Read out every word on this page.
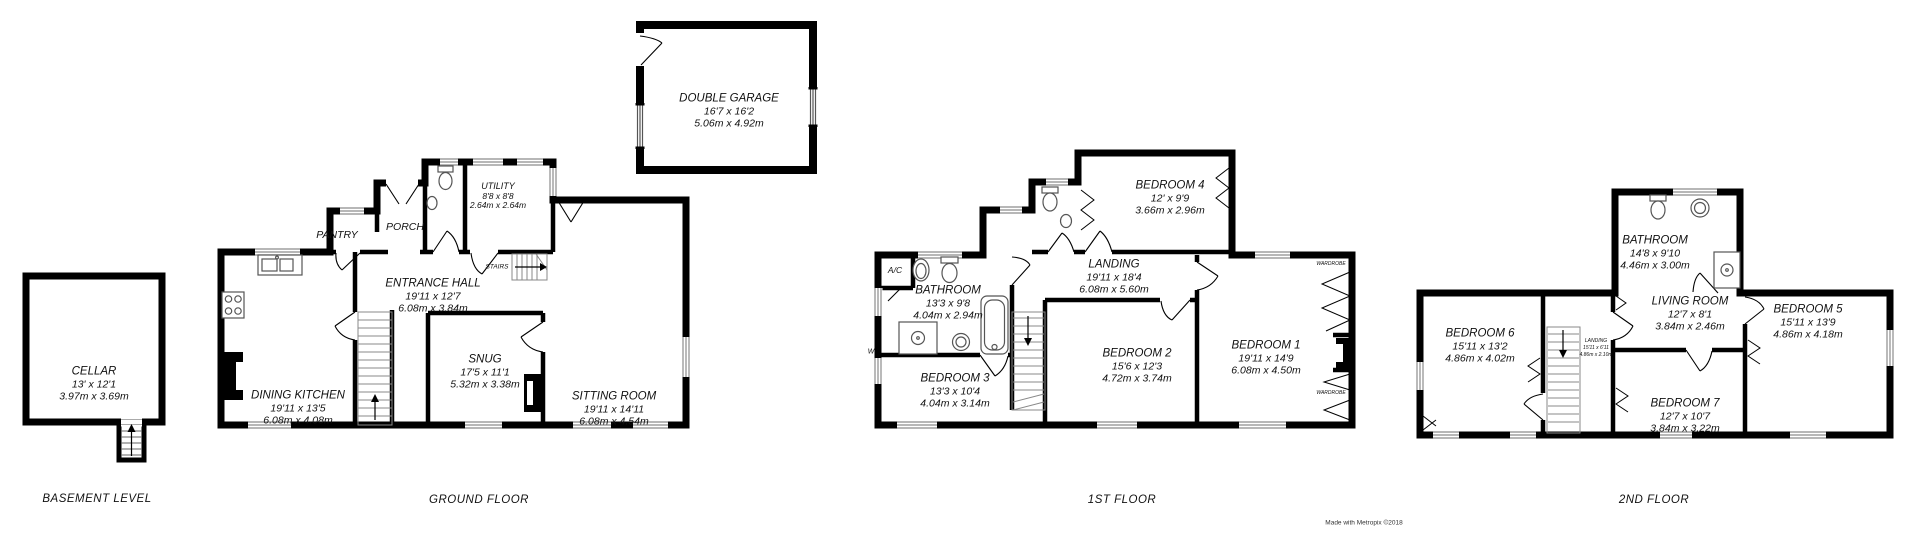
CELLAR
13' x 12'1
3.97m x 3.69m
PANTRY
PORCH
UTILITY
8'8 x 8'8
2.64m x 2.64m
ENTRANCE HALL
19'11 x 12'7
6.08m x 3.84m
STAIRS
DINING KITCHEN
19'11 x 13'5
6.08m x 4.08m
SNUG
17'5 x 11'1
5.32m x 3.38m
SITTING ROOM
19'11 x 14'11
6.08m x 4.54m
DOUBLE GARAGE
16'7 x 16'2
5.06m x 4.92m
A/C
W
BATHROOM
13'3 x 9'8
4.04m x 2.94m
BEDROOM 3
13'3 x 10'4
4.04m x 3.14m
LANDING
19'11 x 18'4
6.08m x 5.60m
BEDROOM 4
12' x 9'9
3.66m x 2.96m
BEDROOM 2
15'6 x 12'3
4.72m x 3.74m
BEDROOM 1
19'11 x 14'9
6.08m x 4.50m
WARDROBE
WARDROBE
BATHROOM
14'8 x 9'10
4.46m x 3.00m
LIVING ROOM
12'7 x 8'1
3.84m x 2.46m
BEDROOM 6
15'11 x 13'2
4.86m x 4.02m
LANDING
15'11 x 6'11
4.86m x 2.10m
BEDROOM 7
12'7 x 10'7
3.84m x 3.22m
BEDROOM 5
15'11 x 13'9
4.86m x 4.18m
BASEMENT LEVEL	GROUND FLOOR	1ST FLOOR	2ND FLOOR
Made with Metropix ©2018
